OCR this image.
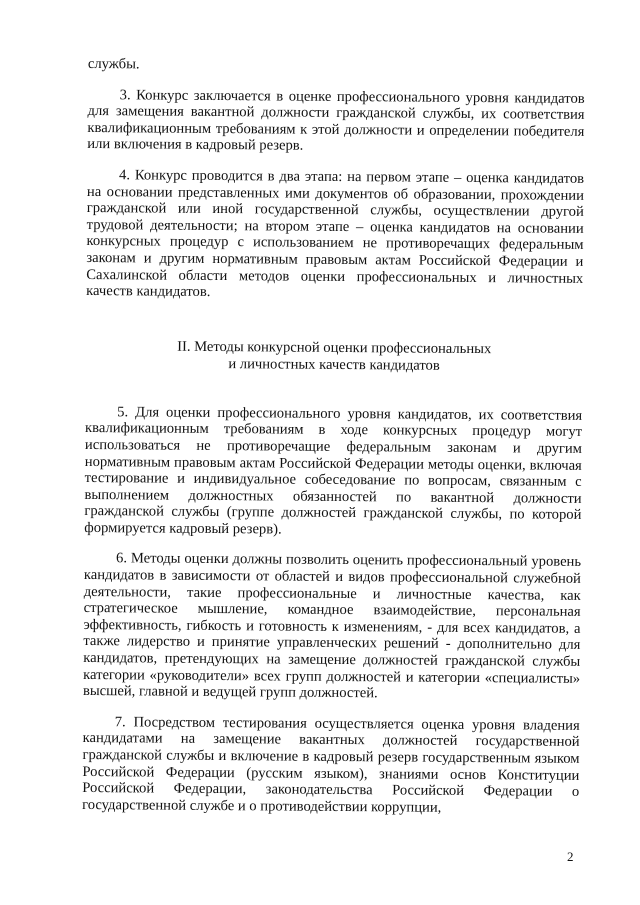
службы.

3. Конкурс заключается в оценке профессионального уровня кандидатов для замещения вакантной должности гражданской службы, их соответствия квалификационным требованиям к этой должности и определении победителя или включения в кадровый резерв.

4. Конкурс проводится в два этапа: на первом этапе – оценка кандидатов на основании представленных ими документов об образовании, прохождении гражданской или иной государственной службы, осуществлении другой трудовой деятельности; на втором этапе – оценка кандидатов на основании конкурсных процедур с использованием не противоречащих федеральным законам и другим нормативным правовым актам Российской Федерации и Сахалинской области методов оценки профессиональных и личностных качеств кандидатов.

II. Методы конкурсной оценки профессиональных
и личностных качеств кандидатов

5. Для оценки профессионального уровня кандидатов, их соответствия квалификационным требованиям в ходе конкурсных процедур могут использоваться не противоречащие федеральным законам и другим нормативным правовым актам Российской Федерации методы оценки, включая тестирование и индивидуальное собеседование по вопросам, связанным с выполнением должностных обязанностей по вакантной должности гражданской службы (группе должностей гражданской службы, по которой формируется кадровый резерв).

6. Методы оценки должны позволить оценить профессиональный уровень кандидатов в зависимости от областей и видов профессиональной служебной деятельности, такие профессиональные и личностные качества, как стратегическое мышление, командное взаимодействие, персональная эффективность, гибкость и готовность к изменениям, - для всех кандидатов, а также лидерство и принятие управленческих решений - дополнительно для кандидатов, претендующих на замещение должностей гражданской службы категории «руководители» всех групп должностей и категории «специалисты» высшей, главной и ведущей групп должностей.

7. Посредством тестирования осуществляется оценка уровня владения кандидатами на замещение вакантных должностей государственной гражданской службы и включение в кадровый резерв государственным языком Российской Федерации (русским языком), знаниями основ Конституции Российской Федерации, законодательства Российской Федерации о государственной службе и о противодействии коррупции,

2
